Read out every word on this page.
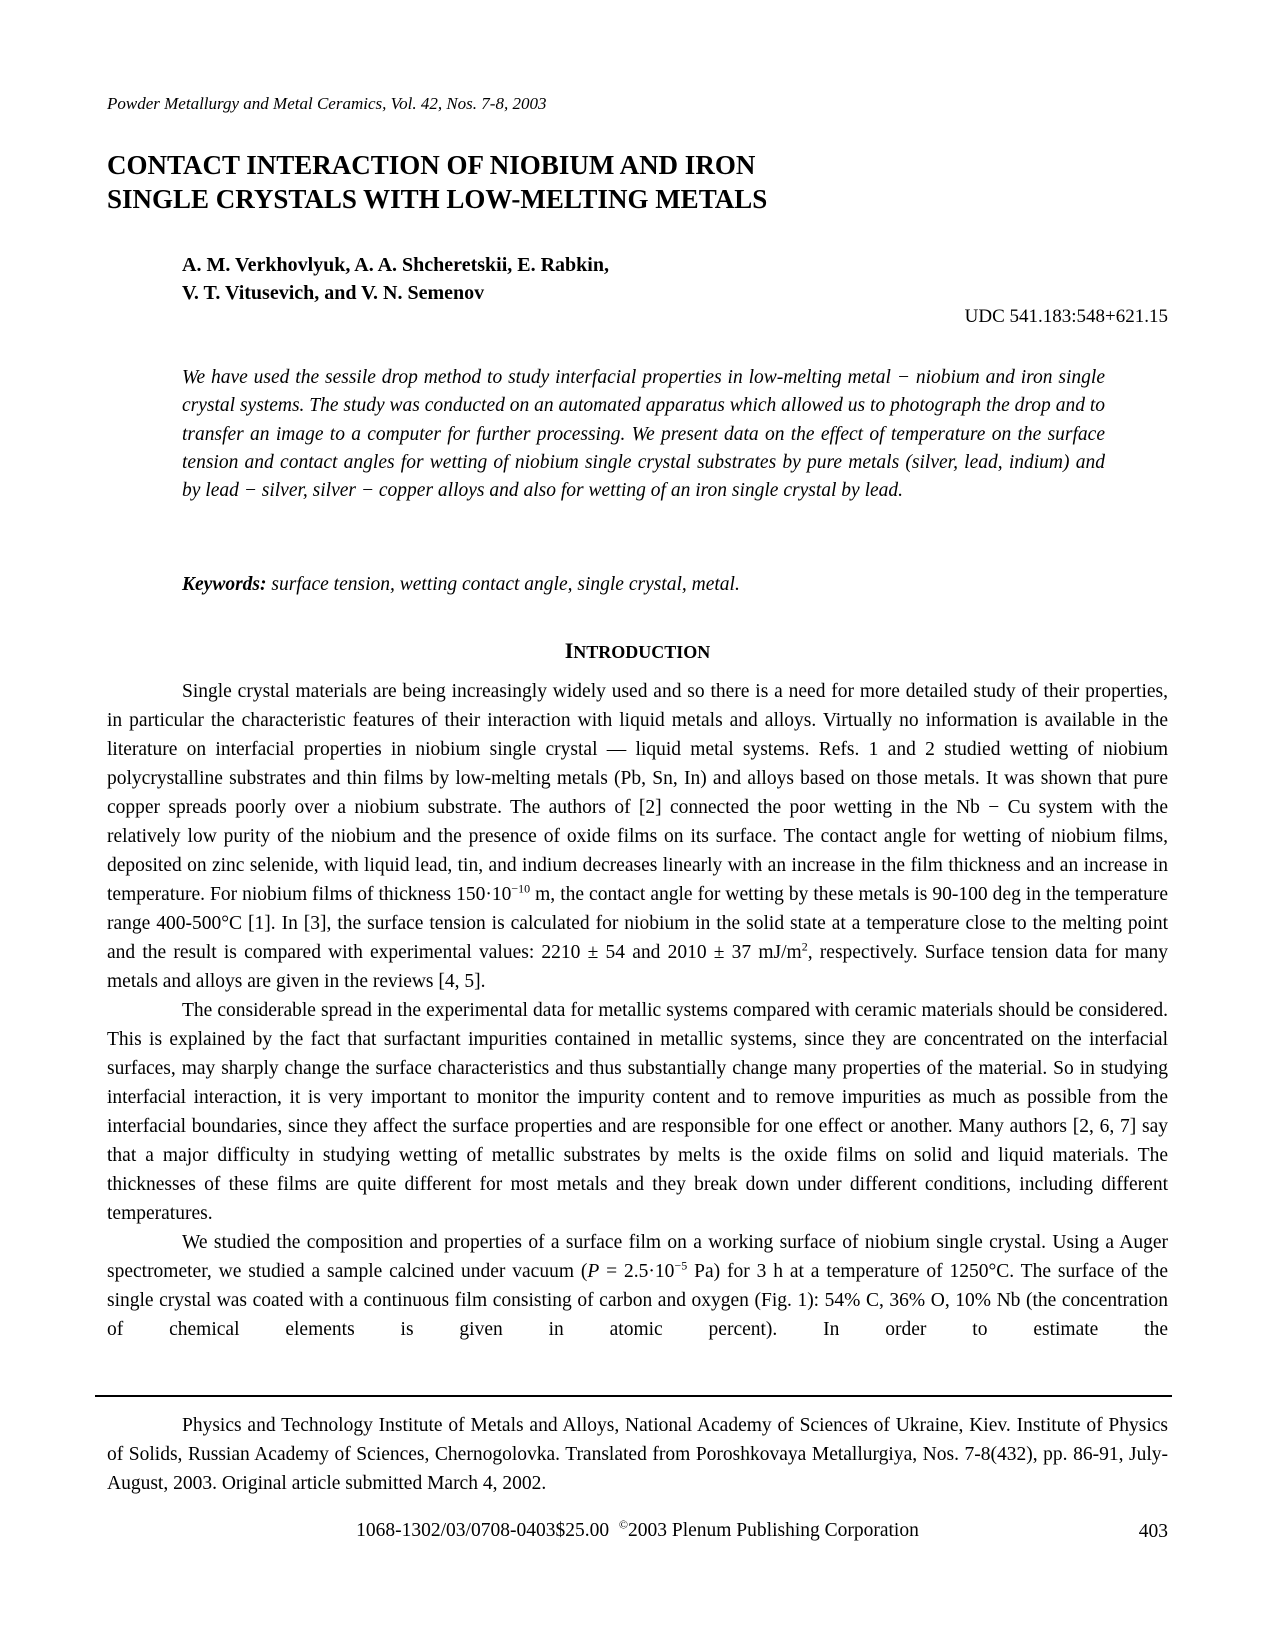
Powder Metallurgy and Metal Ceramics, Vol. 42, Nos. 7-8, 2003
CONTACT INTERACTION OF NIOBIUM AND IRON
SINGLE CRYSTALS WITH LOW-MELTING METALS
A. M. Verkhovlyuk, A. A. Shcheretskii, E. Rabkin,
V. T. Vitusevich, and V. N. Semenov
UDC 541.183:548+621.15
We have used the sessile drop method to study interfacial properties in low-melting metal − niobium and iron single crystal systems. The study was conducted on an automated apparatus which allowed us to photograph the drop and to transfer an image to a computer for further processing. We present data on the effect of temperature on the surface tension and contact angles for wetting of niobium single crystal substrates by pure metals (silver, lead, indium) and by lead − silver, silver − copper alloys and also for wetting of an iron single crystal by lead.
Keywords: surface tension, wetting contact angle, single crystal, metal.
INTRODUCTION

Single crystal materials are being increasingly widely used and so there is a need for more detailed study of their properties, in particular the characteristic features of their interaction with liquid metals and alloys. Virtually no information is available in the literature on interfacial properties in niobium single crystal — liquid metal systems. Refs. 1 and 2 studied wetting of niobium polycrystalline substrates and thin films by low-melting metals (Pb, Sn, In) and alloys based on those metals. It was shown that pure copper spreads poorly over a niobium substrate. The authors of [2] connected the poor wetting in the Nb − Cu system with the relatively low purity of the niobium and the presence of oxide films on its surface. The contact angle for wetting of niobium films, deposited on zinc selenide, with liquid lead, tin, and indium decreases linearly with an increase in the film thickness and an increase in temperature. For niobium films of thickness $150\cdot 10^{-10}$ m, the contact angle for wetting by these metals is 90-100 deg in the temperature range 400-500°C [1]. In [3], the surface tension is calculated for niobium in the solid state at a temperature close to the melting point and the result is compared with experimental values: 2210 ± 54 and 2010 ± 37 $mJ/m^2$, respectively. Surface tension data for many metals and alloys are given in the reviews [4, 5].

The considerable spread in the experimental data for metallic systems compared with ceramic materials should be considered. This is explained by the fact that surfactant impurities contained in metallic systems, since they are concentrated on the interfacial surfaces, may sharply change the surface characteristics and thus substantially change many properties of the material. So in studying interfacial interaction, it is very important to monitor the impurity content and to remove impurities as much as possible from the interfacial boundaries, since they affect the surface properties and are responsible for one effect or another. Many authors [2, 6, 7] say that a major difficulty in studying wetting of metallic substrates by melts is the oxide films on solid and liquid materials. The thicknesses of these films are quite different for most metals and they break down under different conditions, including different temperatures.

We studied the composition and properties of a surface film on a working surface of niobium single crystal. Using a Auger spectrometer, we studied a sample calcined under vacuum ($P = 2.5\cdot 10^{-5}$ Pa) for 3 h at a temperature of 1250°C. The surface of the single crystal was coated with a continuous film consisting of carbon and oxygen (Fig. 1): 54% C, 36% O, 10% Nb (the concentration of chemical elements is given in atomic percent). In order to estimate the

Physics and Technology Institute of Metals and Alloys, National Academy of Sciences of Ukraine, Kiev. Institute of Physics of Solids, Russian Academy of Sciences, Chernogolovka. Translated from Poroshkovaya Metallurgiya, Nos. 7-8(432), pp. 86-91, July-August, 2003. Original article submitted March 4, 2002.

1068-1302/03/0708-0403$25.00 ©2003 Plenum Publishing Corporation	403
